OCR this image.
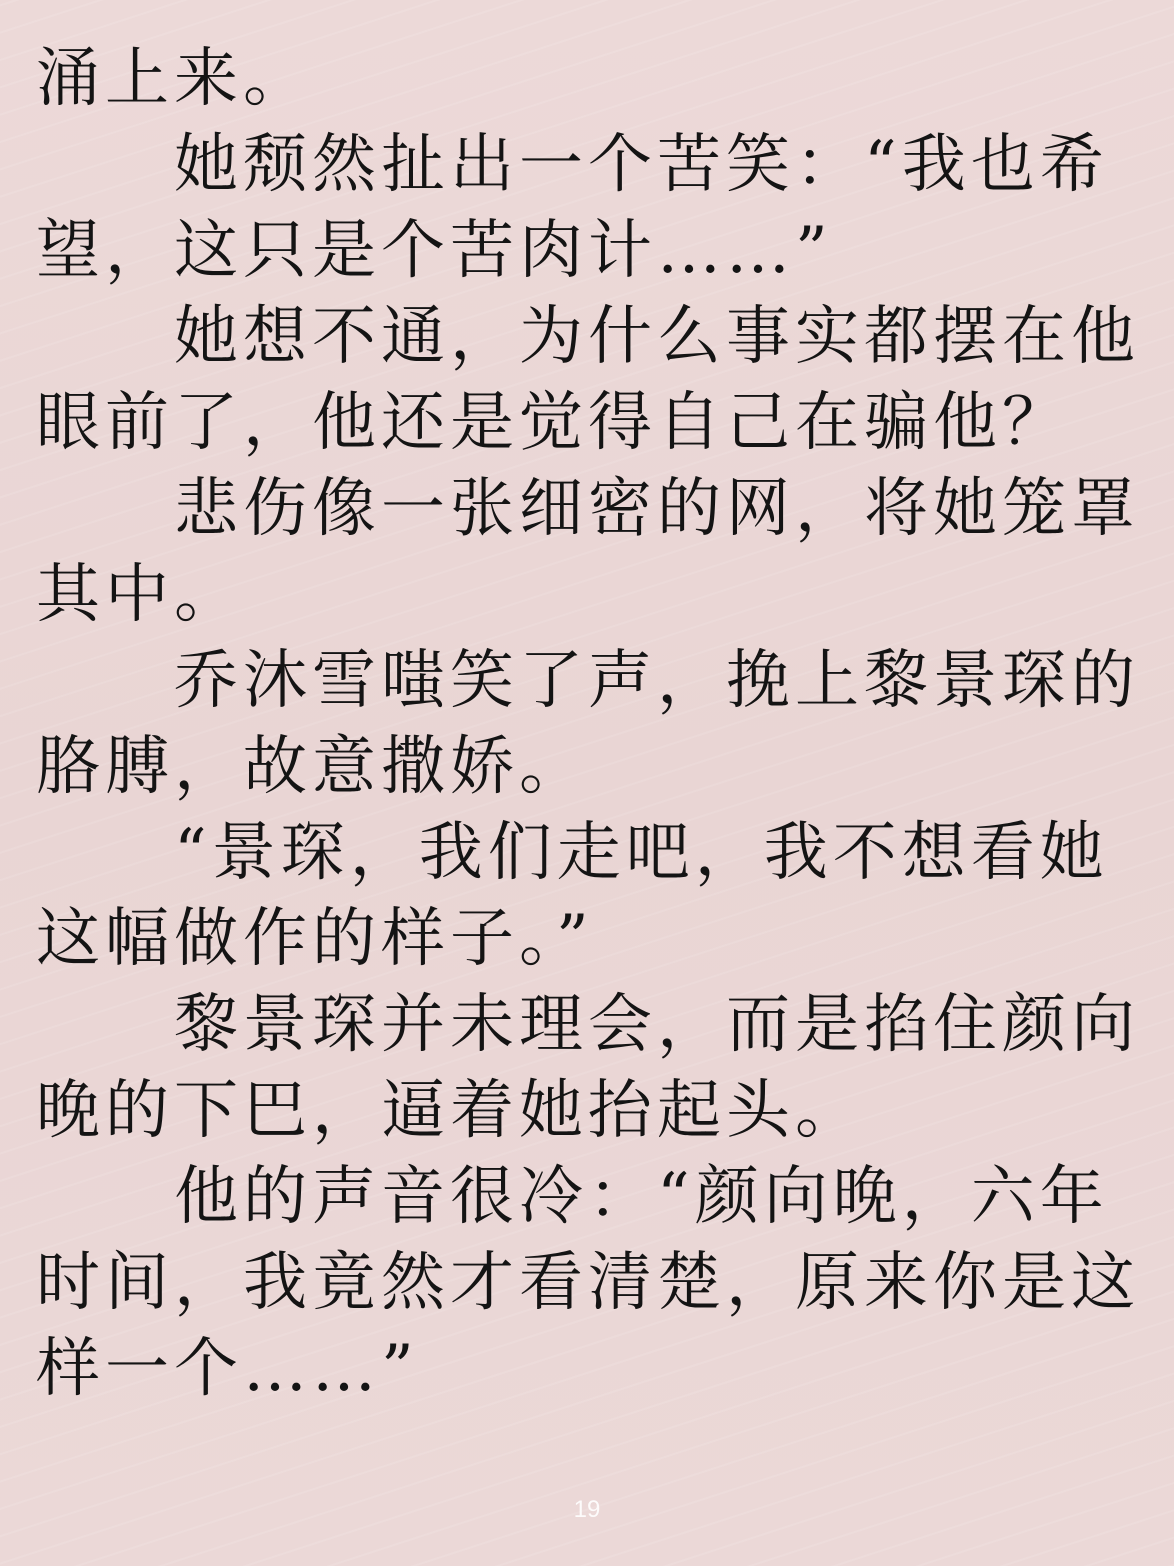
涌上来。

　　她颓然扯出一个苦笑：“我也希

望，这只是个苦肉计……”

　　她想不通，为什么事实都摆在他

眼前了，他还是觉得自己在骗他？

　　悲伤像一张细密的网，将她笼罩

其中。

　　乔沐雪嗤笑了声，挽上黎景琛的

胳膊，故意撒娇。

　　“景琛，我们走吧，我不想看她

这幅做作的样子。”

　　黎景琛并未理会，而是掐住颜向

晚的下巴，逼着她抬起头。

　　他的声音很冷：“颜向晚，六年

时间，我竟然才看清楚，原来你是这

样一个……”

19
